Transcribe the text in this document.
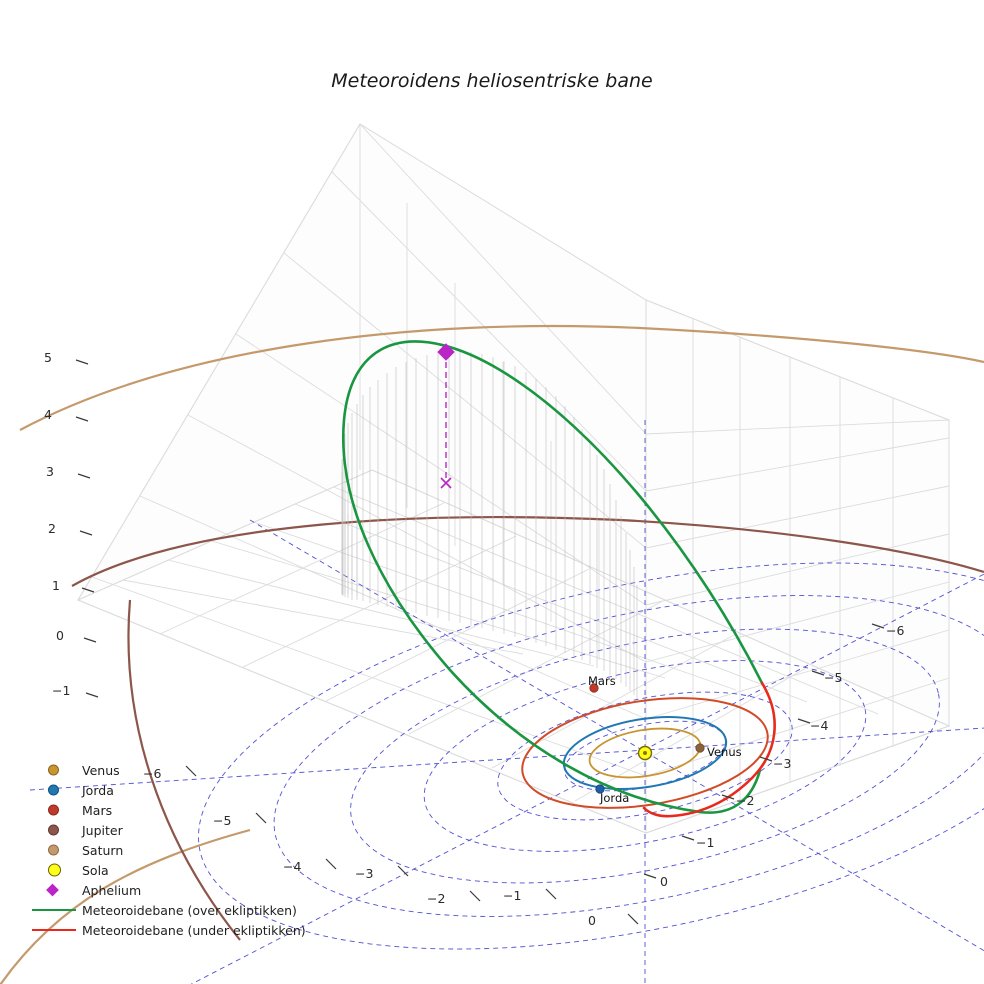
Meteoroidens heliosentriske bane
5
4
3
2
1
0
−1
−6
−5
−4	−3
−2	−1
0
−6
−5
−4
−3
−2
−1
0
Mars
Venus
Jorda
Venus
Jorda
Mars
Jupiter
Saturn
Sola
Aphelium
Meteoroidebane (over ekliptikken)
Meteoroidebane (under ekliptikken)
